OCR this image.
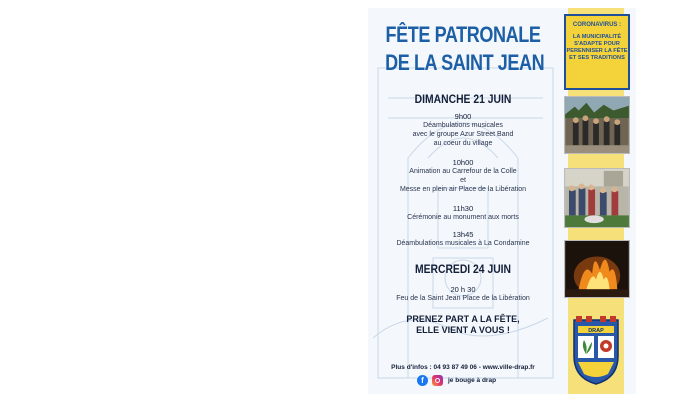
FÊTE PATRONALE
DE LA SAINT JEAN
DIMANCHE 21 JUIN
9h00
Déambulations musicales
avec le groupe Azur Street Band
au coeur du village
10h00
Animation au Carrefour de la Colle
et
Messe en plein air Place de la Libération
11h30
Cérémonie au monument aux morts
13h45
Déambulations musicales à La Condamine
MERCREDI 24 JUIN
20 h 30
Feu de la Saint Jean Place de la Libération
PRENEZ PART A LA FÊTE,
ELLE VIENT A VOUS !
Plus d'infos : 04 93 87 49 06 - www.ville-drap.fr
f	je bouge à drap
CORONAVIRUS :
LA MUNICIPALITÉ
S'ADAPTE POUR
PERENNISER LA FÊTE
ET SES TRADITIONS
DRAP
